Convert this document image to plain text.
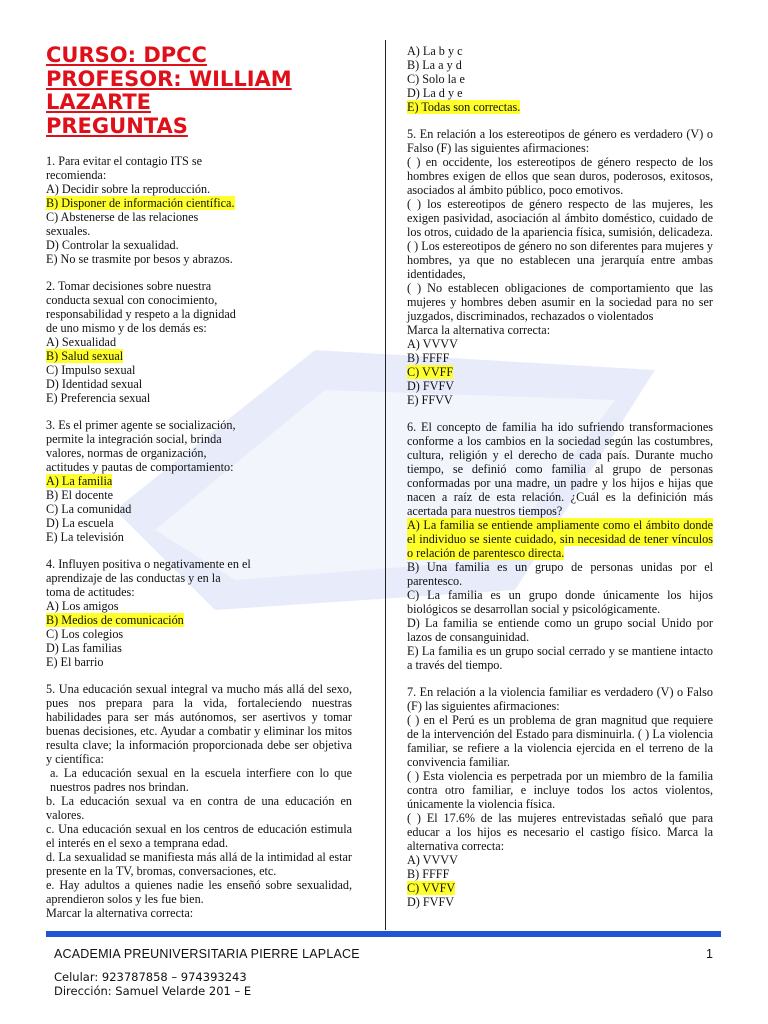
CURSO: DPCC
PROFESOR: WILLIAM
LAZARTE
PREGUNTAS

1. Para evitar el contagio ITS se

recomienda:

A) Decidir sobre la reproducción.

B) Disponer de información científica.

C) Abstenerse de las relaciones

sexuales.

D) Controlar la sexualidad.

E) No se trasmite por besos y abrazos.

2. Tomar decisiones sobre nuestra

conducta sexual con conocimiento,

responsabilidad y respeto a la dignidad

de uno mismo y de los demás es:

A) Sexualidad

B) Salud sexual

C) Impulso sexual

D) Identidad sexual

E) Preferencia sexual

3. Es el primer agente se socialización,

permite la integración social, brinda

valores, normas de organización,

actitudes y pautas de comportamiento:

A) La familia

B) El docente

C) La comunidad

D) La escuela

E) La televisión

4. Influyen positiva o negativamente en el

aprendizaje de las conductas y en la

toma de actitudes:

A) Los amigos

B) Medios de comunicación

C) Los colegios

D) Las familias

E) El barrio

5. Una educación sexual integral va mucho más allá del sexo, pues nos prepara para la vida, fortaleciendo nuestras habilidades para ser más autónomos, ser asertivos y tomar buenas decisiones, etc. Ayudar a combatir y eliminar los mitos resulta clave; la información proporcionada debe ser objetiva y científica:

a. La educación sexual en la escuela interfiere con lo que nuestros padres nos brindan.

b. La educación sexual va en contra de una educación en valores.

c. Una educación sexual en los centros de educación estimula el interés en el sexo a temprana edad.

d. La sexualidad se manifiesta más allá de la intimidad al estar presente en la TV, bromas, conversaciones, etc.

e. Hay adultos a quienes nadie les enseñó sobre sexualidad, aprendieron solos y les fue bien.

Marcar la alternativa correcta:

A) La b y c

B) La a y d

C) Solo la e

D) La d y e

E) Todas son correctas.

5. En relación a los estereotipos de género es verdadero (V) o Falso (F) las siguientes afirmaciones:

( ) en occidente, los estereotipos de género respecto de los hombres exigen de ellos que sean duros, poderosos, exitosos, asociados al ámbito público, poco emotivos.

( ) los estereotipos de género respecto de las mujeres, les exigen pasividad, asociación al ámbito doméstico, cuidado de los otros, cuidado de la apariencia física, sumisión, delicadeza.

( ) Los estereotipos de género no son diferentes para mujeres y hombres, ya que no establecen una jerarquía entre ambas identidades,

( ) No establecen obligaciones de comportamiento que las mujeres y hombres deben asumir en la sociedad para no ser juzgados, discriminados, rechazados o violentados

Marca la alternativa correcta:

A) VVVV

B) FFFF

C) VVFF

D) FVFV

E) FFVV

6. El concepto de familia ha ido sufriendo transformaciones conforme a los cambios en la sociedad según las costumbres, cultura, religión y el derecho de cada país. Durante mucho tiempo, se definió como familia al grupo de personas conformadas por una madre, un padre y los hijos e hijas que nacen a raíz de esta relación. ¿Cuál es la definición más acertada para nuestros tiempos?

A) La familia se entiende ampliamente como el ámbito donde el individuo se siente cuidado, sin necesidad de tener vínculos o relación de parentesco directa.

B) Una familia es un grupo de personas unidas por el parentesco.

C) La familia es un grupo donde únicamente los hijos biológicos se desarrollan social y psicológicamente.

D) La familia se entiende como un grupo social Unido por lazos de consanguinidad.

E) La familia es un grupo social cerrado y se mantiene intacto a través del tiempo.

7. En relación a la violencia familiar es verdadero (V) o Falso (F) las siguientes afirmaciones:

( ) en el Perú es un problema de gran magnitud que requiere de la intervención del Estado para disminuirla. ( ) La violencia familiar, se refiere a la violencia ejercida en el terreno de la convivencia familiar.

( ) Esta violencia es perpetrada por un miembro de la familia contra otro familiar, e incluye todos los actos violentos, únicamente la violencia física.

( ) El 17.6% de las mujeres entrevistadas señaló que para educar a los hijos es necesario el castigo físico. Marca la alternativa correcta:

A) VVVV

B) FFFF

C) VVFV

D) FVFV

ACADEMIA PREUNIVERSITARIA PIERRE LAPLACE	1
Celular: 923787858 – 974393243
Dirección: Samuel Velarde 201 – E
